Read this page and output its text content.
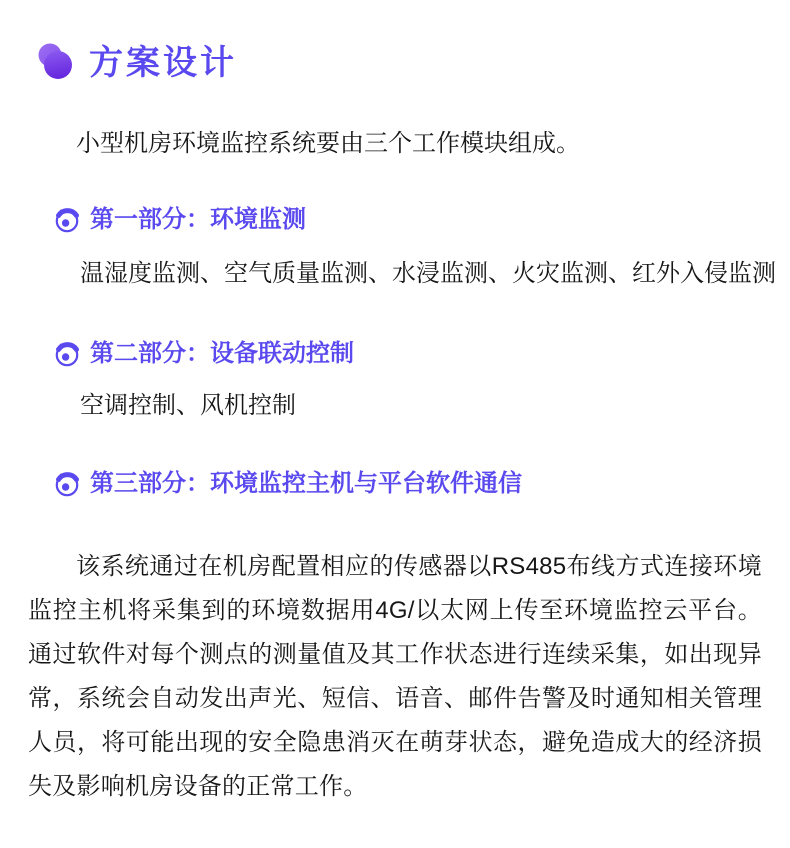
方案设计
小型机房环境监控系统要由三个工作模块组成。
第一部分：环境监测
温湿度监测、空气质量监测、水浸监测、火灾监测、红外入侵监测
第二部分：设备联动控制
空调控制、风机控制
第三部分：环境监控主机与平台软件通信
该系统通过在机房配置相应的传感器以RS485布线方式连接环境监控主机将采集到的环境数据用4G/以太网上传至环境监控云平台。通过软件对每个测点的测量值及其工作状态进行连续采集，如出现异常，系统会自动发出声光、短信、语音、邮件告警及时通知相关管理人员，将可能出现的安全隐患消灭在萌芽状态，避免造成大的经济损失及影响机房设备的正常工作。
